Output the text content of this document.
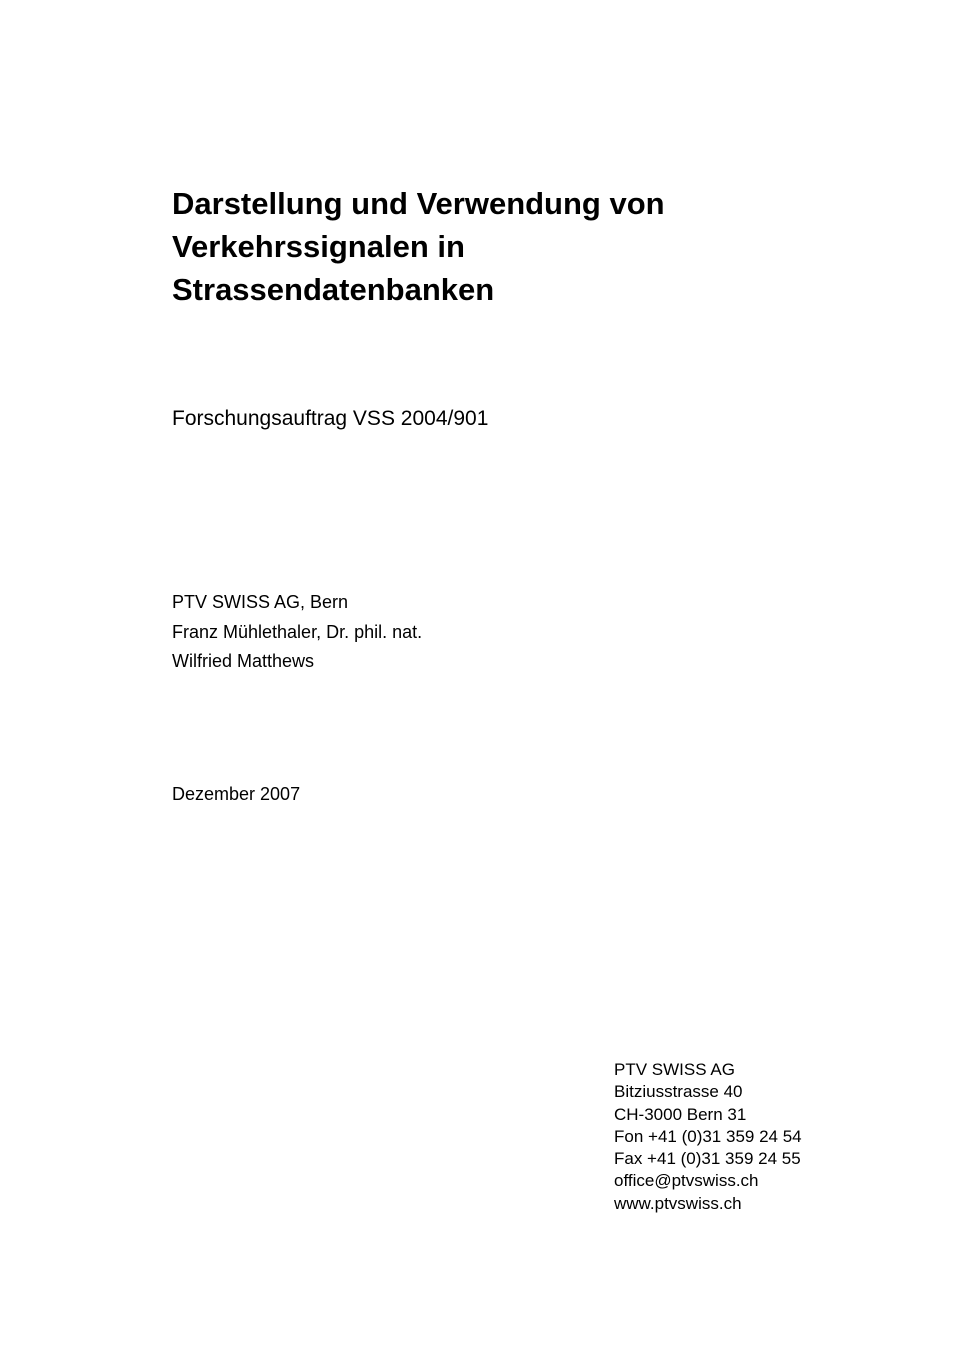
Darstellung und Verwendung von
Verkehrssignalen in
Strassendatenbanken

Forschungsauftrag VSS 2004/901

PTV SWISS AG, Bern
Franz Mühlethaler, Dr. phil. nat.
Wilfried Matthews

Dezember 2007

PTV SWISS AG
Bitziusstrasse 40
CH-3000 Bern 31
Fon +41 (0)31 359 24 54
Fax +41 (0)31 359 24 55
office@ptvswiss.ch
www.ptvswiss.ch
